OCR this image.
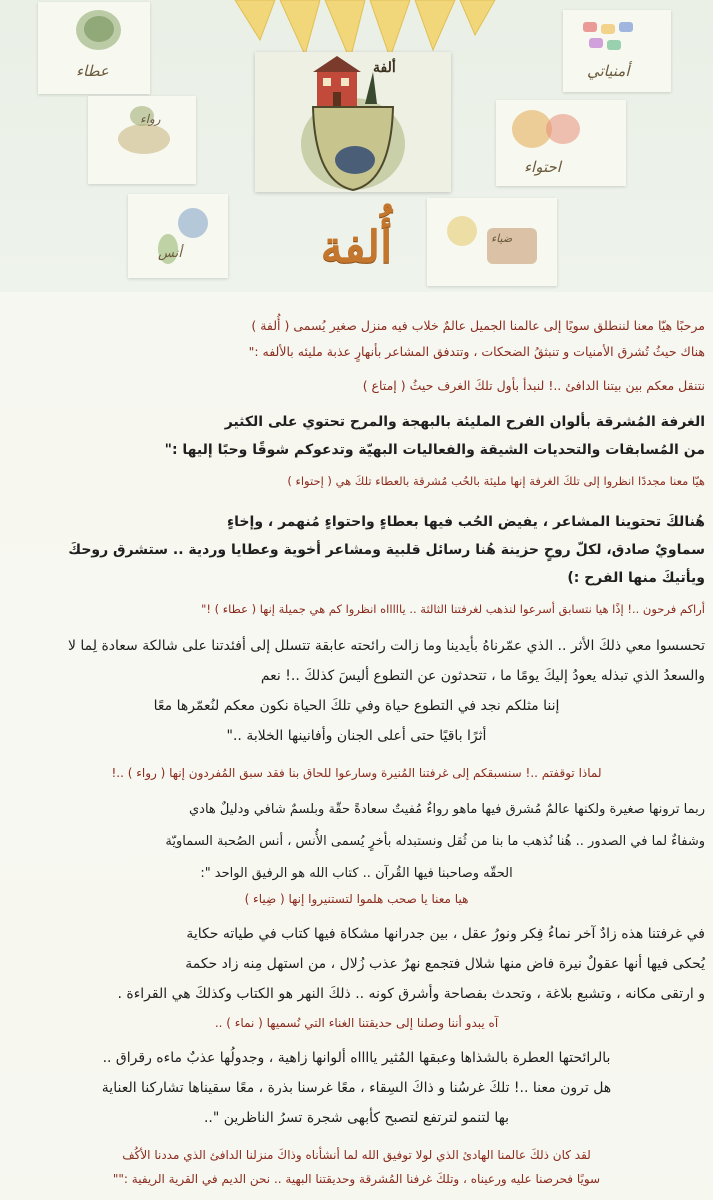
عطاء	أمنياتي
رواء
احتواء
ألفة
أنس
ضياء
أُلفة

مرحبًا هيّا معنا لننطلق سويًا إلى عالمنا الجميل عالمٌ خلاب فيه منزل صغير يُسمى ( أُلفة )

هناك حيثُ تُشرق الأمنيات و تنبثقُ الضحكات ، وتتدفق المشاعر بأنهارٍ عذبة مليئه بالألفه :"

نتنقل معكم بين بيتنا الدافئ ..! لنبدأ بأول تلكَ الغرف حيثُ ( إمتاع )

الغرفة المُشرقة بألوان الفرح المليئة بالبهجة والمرح تحتوي على الكثير

من المُسابقات والتحديات الشيقة والفعاليات البهيّة وتدعوكم شوقًا وحبًا إليها :"

هيّا معنا مجددًا انظروا إلى تلكَ الغرفة إنها مليئة بالحُب مُشرقة بالعطاء تلكَ هي ( إحتواء )

هُنالكَ تحتوينا المشاعر ، يفيض الحُب فيها بعطاءٍ واحتواءٍ مُنهمر ، وإخاءٍ

سماويٌ صادق، لكلّ روحٍ حزينة هُنا رسائل قلبية ومشاعر أخوية وعطايا وردية .. ستشرق روحكَ

ويأتيكَ منها الفرح :)

أراكم فرحون ..! إذًا هيا نتسابق أسرعوا لنذهب لغرفتنا الثالثة .. ياااااه انظروا كم هي جميلة إنها ( عطاء ) !"

تحسسوا معي ذلكَ الأثر .. الذي عمّرناهُ بأيدينا وما زالت رائحته عابقة تتسلل إلى أفئدتنا على شالكة سعادة لِما لا

والسعدُ الذي تبذله يعودُ إليكَ يومًا ما ، تتحدثون عن التطوع أليسَ كذلكَ ..! نعم

إننا مثلكم نجد في التطوع حياة وفي تلكَ الحياة نكون معكم لنُعمّرها معًا

أثرًا باقيًا حتى أعلى الجنان وأفانينها الخلابة .."

لماذا توقفتم ..! سنسبقكم إلى غرفتنا المُنيرة وسارعوا للحاق بنا فقد سبق المُفردون إنها ( رواء ) ..!

ربما ترونها صغيرة ولكنها عالمٌ مُشرق فيها ماهو رواءٌ مُفيتٌ سعادةً حقّة وبلسمٌ شافي ودليلٌ هادي

وشفاءٌ لما في الصدور .. هُنا نُذهب ما بنا من ثُقل ونستبدله بأخرٍ يُسمى الأُنس ، أنس الصُحبة السماويّة

الحقّه وصاحبنا فيها القُرآن .. كتاب الله هو الرفيق الواحد ":

هيا معنا يا صحب هلموا لتستنيروا إنها ( ضِياء )

في غرفتنا هذه زادٌ آخر نماءُ فِكر ونورُ عقل ، بين جدرانها مشكاة فيها كتاب في طياته حكاية

يُحكى فيها أنها عقولٌ نيرة فاض منها شلال فتجمع نهرٌ عذب زُلال ، من استهل مِنه زاد حكمة

و ارتقى مكانه ، وتشبع بلاغة ، وتحدث بفصاحة وأشرق كونه .. ذلكَ النهر هو الكتاب وكذلكَ هي القراءة .

آه يبدو أننا وصلنا إلى حديقتنا الغناء التي نُسميها ( نماء ) ..

بالرائحتها العطرة بالشذاها وعبقها المُثير يااااه ألوانها زاهية ، وجدولُها عذبٌ ماءه رقراق ..

هل ترون معنا ..! تلكَ غرسُنا و ذاكَ السِقاء ، معًا غرسنا بذرة ، معًا سقيناها تشاركنا العناية

بها لتنمو لترتفع لتصبح كأبهى شجرة تسرُ الناظرين "..

لقد كان ذلكَ عالمنا الهادئ الذي لولا توفيق الله لما أنشأناه وذاكَ منزلنا الدافئ الذي مددنا الأكُف

سويًا فحرصنا عليه ورعيناه ، وتلكَ غرفنا المُشرقة وحديقتنا البهية .. نحن الديم في القرية الريفية :""
